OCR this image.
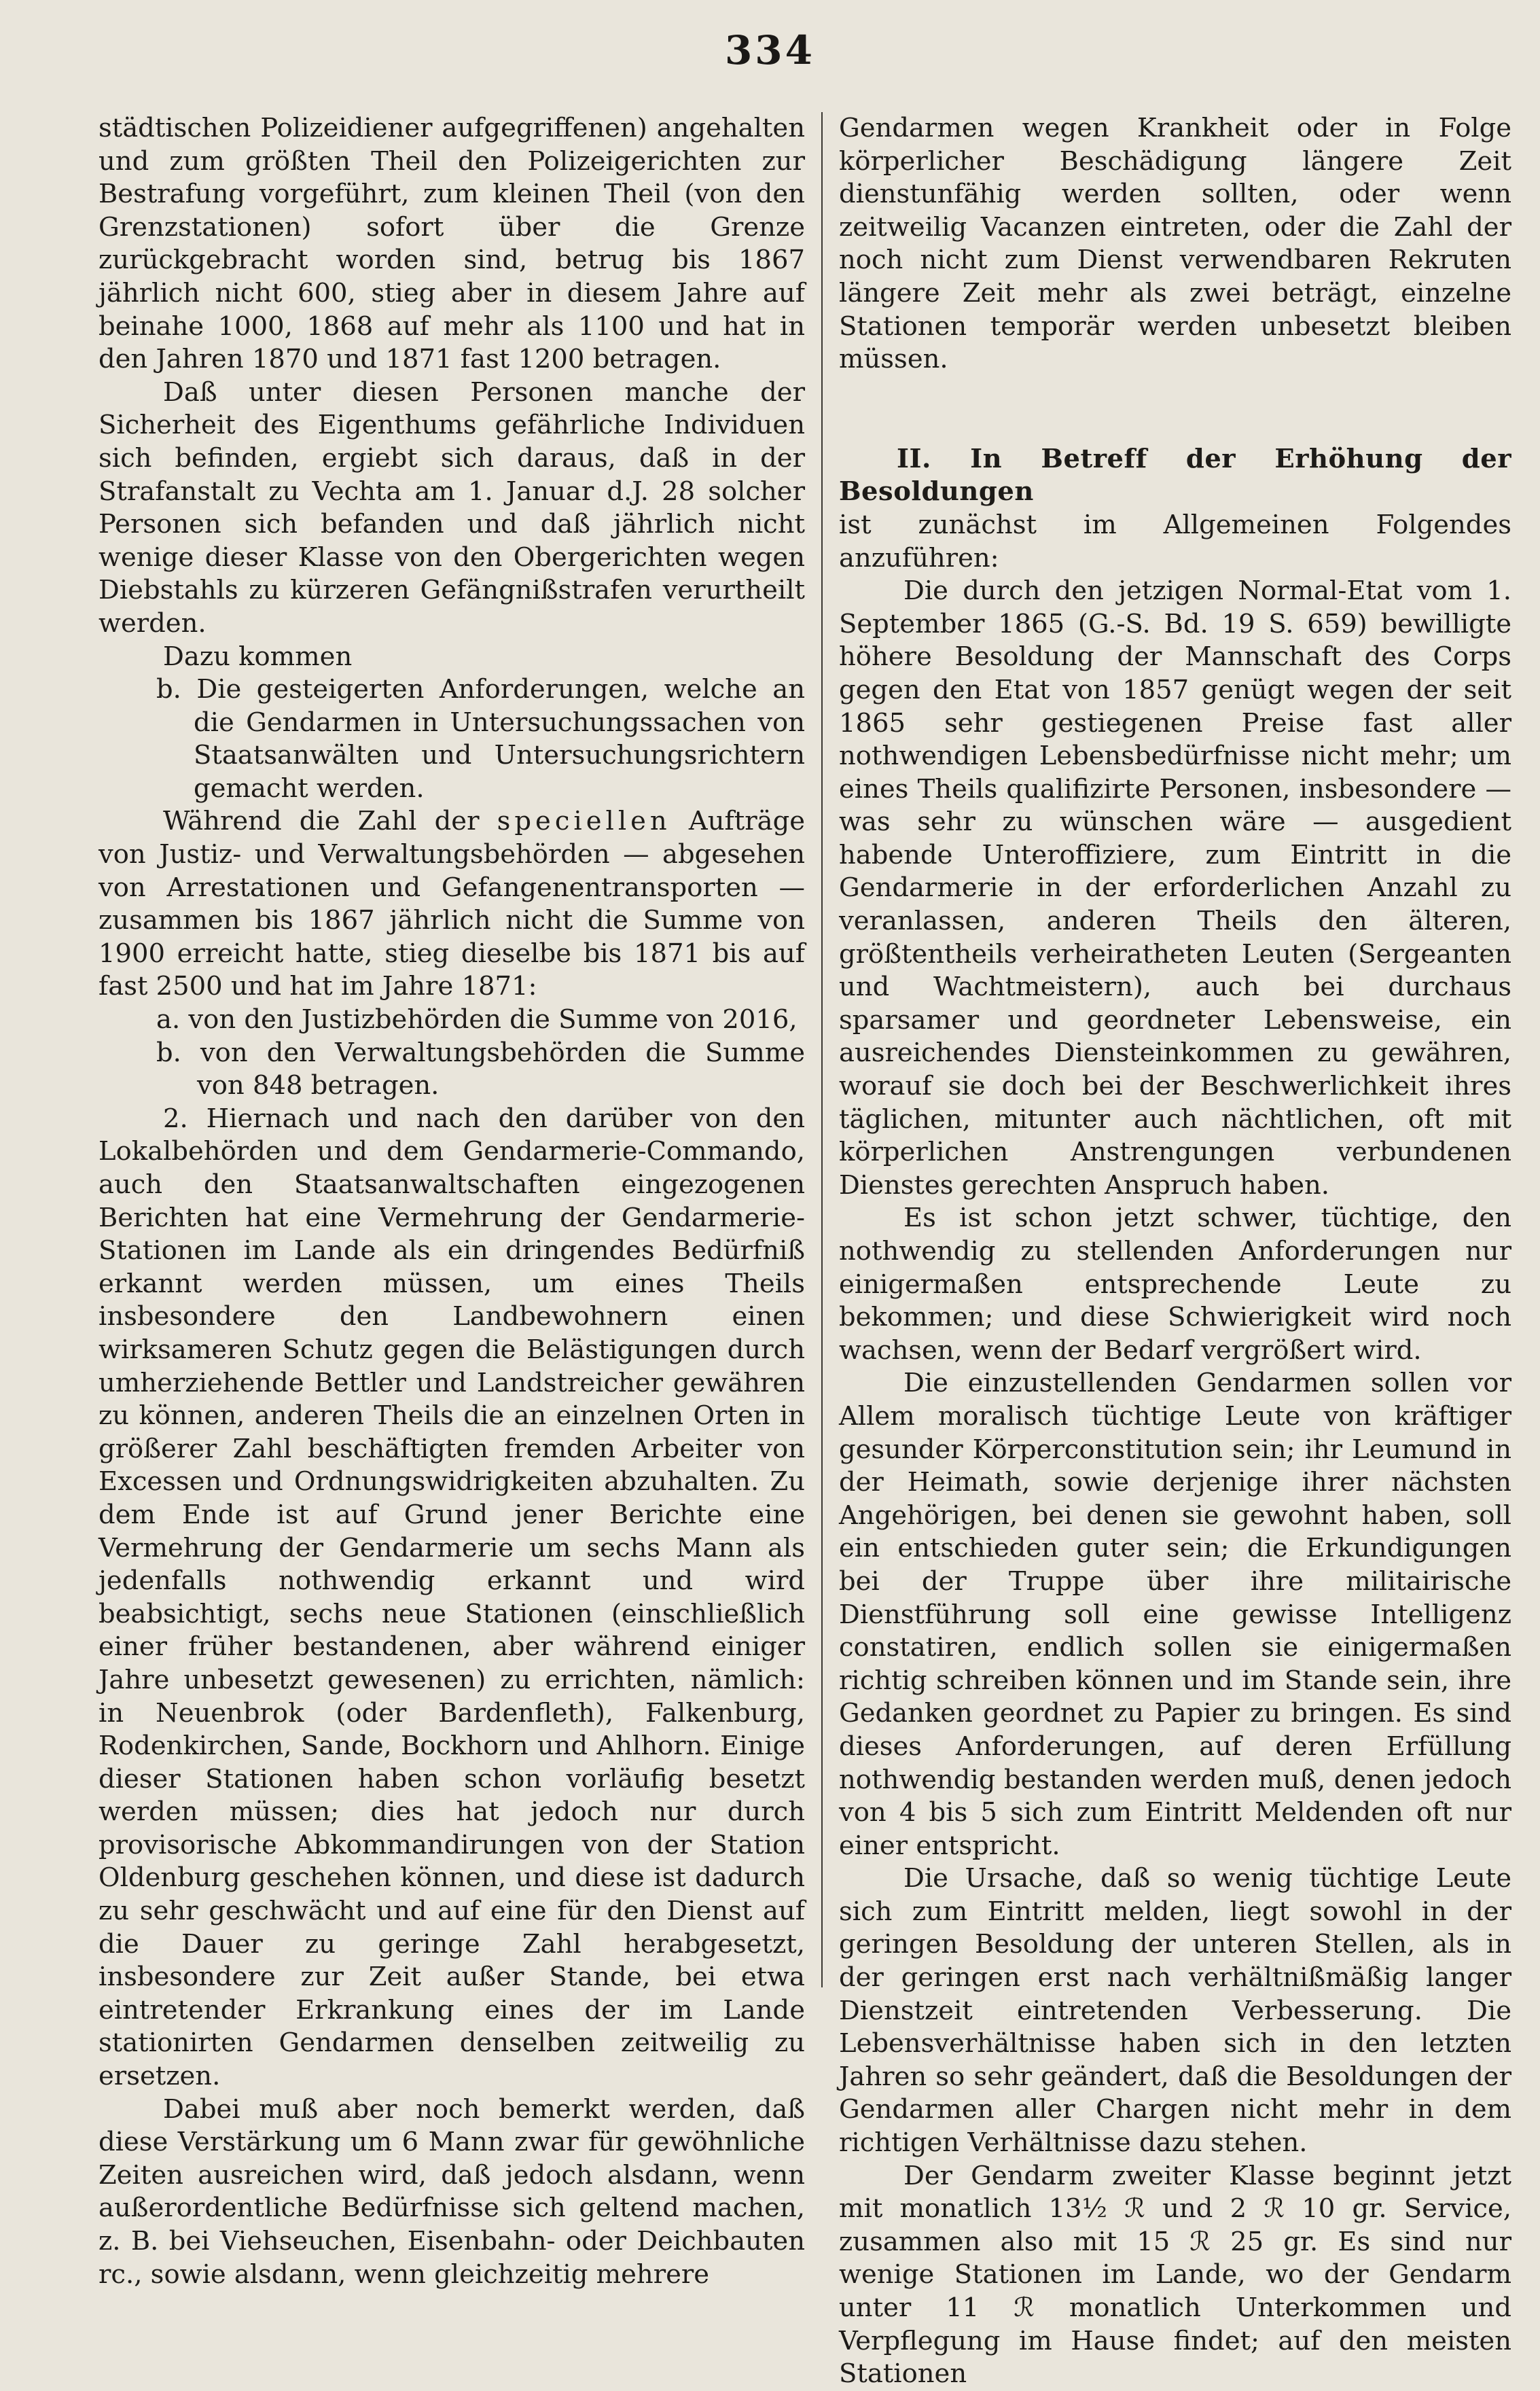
334

städtischen Polizeidiener aufgegriffenen) angehalten und zum größten Theil den Polizeigerichten zur Bestrafung vorgeführt, zum kleinen Theil (von den Grenzstationen) sofort über die Grenze zurückgebracht worden sind, betrug bis 1867 jährlich nicht 600, stieg aber in diesem Jahre auf beinahe 1000, 1868 auf mehr als 1100 und hat in den Jahren 1870 und 1871 fast 1200 betragen.

Daß unter diesen Personen manche der Sicherheit des Eigenthums gefährliche Individuen sich befinden, ergiebt sich daraus, daß in der Strafanstalt zu Vechta am 1. Januar d.J. 28 solcher Personen sich befanden und daß jährlich nicht wenige dieser Klasse von den Obergerichten wegen Diebstahls zu kürzeren Gefängnißstrafen verurtheilt werden.

Dazu kommen

b. Die gesteigerten Anforderungen, welche an die Gendarmen in Untersuchungssachen von Staatsanwälten und Untersuchungsrichtern gemacht werden.

Während die Zahl der speciellen Aufträge von Justiz- und Verwaltungsbehörden — abgesehen von Arrestationen und Gefangenentransporten — zusammen bis 1867 jährlich nicht die Summe von 1900 erreicht hatte, stieg dieselbe bis 1871 bis auf fast 2500 und hat im Jahre 1871:

a. von den Justizbehörden die Summe von 2016,

b. von den Verwaltungsbehörden die Summe von 848 betragen.

2. Hiernach und nach den darüber von den Lokalbehörden und dem Gendarmerie-Commando, auch den Staatsanwaltschaften eingezogenen Berichten hat eine Vermehrung der Gendarmerie-Stationen im Lande als ein dringendes Bedürfniß erkannt werden müssen, um eines Theils insbesondere den Landbewohnern einen wirksameren Schutz gegen die Belästigungen durch umherziehende Bettler und Landstreicher gewähren zu können, anderen Theils die an einzelnen Orten in größerer Zahl beschäftigten fremden Arbeiter von Excessen und Ordnungswidrigkeiten abzuhalten. Zu dem Ende ist auf Grund jener Berichte eine Vermehrung der Gendarmerie um sechs Mann als jedenfalls nothwendig erkannt und wird beabsichtigt, sechs neue Stationen (einschließlich einer früher bestandenen, aber während einiger Jahre unbesetzt gewesenen) zu errichten, nämlich: in Neuenbrok (oder Bardenfleth), Falkenburg, Rodenkirchen, Sande, Bockhorn und Ahlhorn. Einige dieser Stationen haben schon vorläufig besetzt werden müssen; dies hat jedoch nur durch provisorische Abkommandirungen von der Station Oldenburg geschehen können, und diese ist dadurch zu sehr geschwächt und auf eine für den Dienst auf die Dauer zu geringe Zahl herabgesetzt, insbesondere zur Zeit außer Stande, bei etwa eintretender Erkrankung eines der im Lande stationirten Gendarmen denselben zeitweilig zu ersetzen.

Dabei muß aber noch bemerkt werden, daß diese Verstärkung um 6 Mann zwar für gewöhnliche Zeiten ausreichen wird, daß jedoch alsdann, wenn außerordentliche Bedürfnisse sich geltend machen, z. B. bei Viehseuchen, Eisenbahn- oder Deichbauten rc., sowie alsdann, wenn gleichzeitig mehrere

Gendarmen wegen Krankheit oder in Folge körperlicher Beschädigung längere Zeit dienstunfähig werden sollten, oder wenn zeitweilig Vacanzen eintreten, oder die Zahl der noch nicht zum Dienst verwendbaren Rekruten längere Zeit mehr als zwei beträgt, einzelne Stationen temporär werden unbesetzt bleiben müssen.

II. In Betreff der Erhöhung der Besoldungen

ist zunächst im Allgemeinen Folgendes anzuführen:

Die durch den jetzigen Normal-Etat vom 1. September 1865 (G.-S. Bd. 19 S. 659) bewilligte höhere Besoldung der Mannschaft des Corps gegen den Etat von 1857 genügt wegen der seit 1865 sehr gestiegenen Preise fast aller nothwendigen Lebensbedürfnisse nicht mehr; um eines Theils qualifizirte Personen, insbesondere — was sehr zu wünschen wäre — ausgedient habende Unteroffiziere, zum Eintritt in die Gendarmerie in der erforderlichen Anzahl zu veranlassen, anderen Theils den älteren, größtentheils verheiratheten Leuten (Sergeanten und Wachtmeistern), auch bei durchaus sparsamer und geordneter Lebensweise, ein ausreichendes Diensteinkommen zu gewähren, worauf sie doch bei der Beschwerlichkeit ihres täglichen, mitunter auch nächtlichen, oft mit körperlichen Anstrengungen verbundenen Dienstes gerechten Anspruch haben.

Es ist schon jetzt schwer, tüchtige, den nothwendig zu stellenden Anforderungen nur einigermaßen entsprechende Leute zu bekommen; und diese Schwierigkeit wird noch wachsen, wenn der Bedarf vergrößert wird.

Die einzustellenden Gendarmen sollen vor Allem moralisch tüchtige Leute von kräftiger gesunder Körperconstitution sein; ihr Leumund in der Heimath, sowie derjenige ihrer nächsten Angehörigen, bei denen sie gewohnt haben, soll ein entschieden guter sein; die Erkundigungen bei der Truppe über ihre militairische Dienstführung soll eine gewisse Intelligenz constatiren, endlich sollen sie einigermaßen richtig schreiben können und im Stande sein, ihre Gedanken geordnet zu Papier zu bringen. Es sind dieses Anforderungen, auf deren Erfüllung nothwendig bestanden werden muß, denen jedoch von 4 bis 5 sich zum Eintritt Meldenden oft nur einer entspricht.

Die Ursache, daß so wenig tüchtige Leute sich zum Eintritt melden, liegt sowohl in der geringen Besoldung der unteren Stellen, als in der geringen erst nach verhältnißmäßig langer Dienstzeit eintretenden Verbesserung. Die Lebensverhältnisse haben sich in den letzten Jahren so sehr geändert, daß die Besoldungen der Gendarmen aller Chargen nicht mehr in dem richtigen Verhältnisse dazu stehen.

Der Gendarm zweiter Klasse beginnt jetzt mit monatlich 13½ ℛ und 2 ℛ 10 gr. Service, zusammen also mit 15 ℛ 25 gr. Es sind nur wenige Stationen im Lande, wo der Gendarm unter 11 ℛ monatlich Unterkommen und Verpflegung im Hause findet; auf den meisten Stationen
